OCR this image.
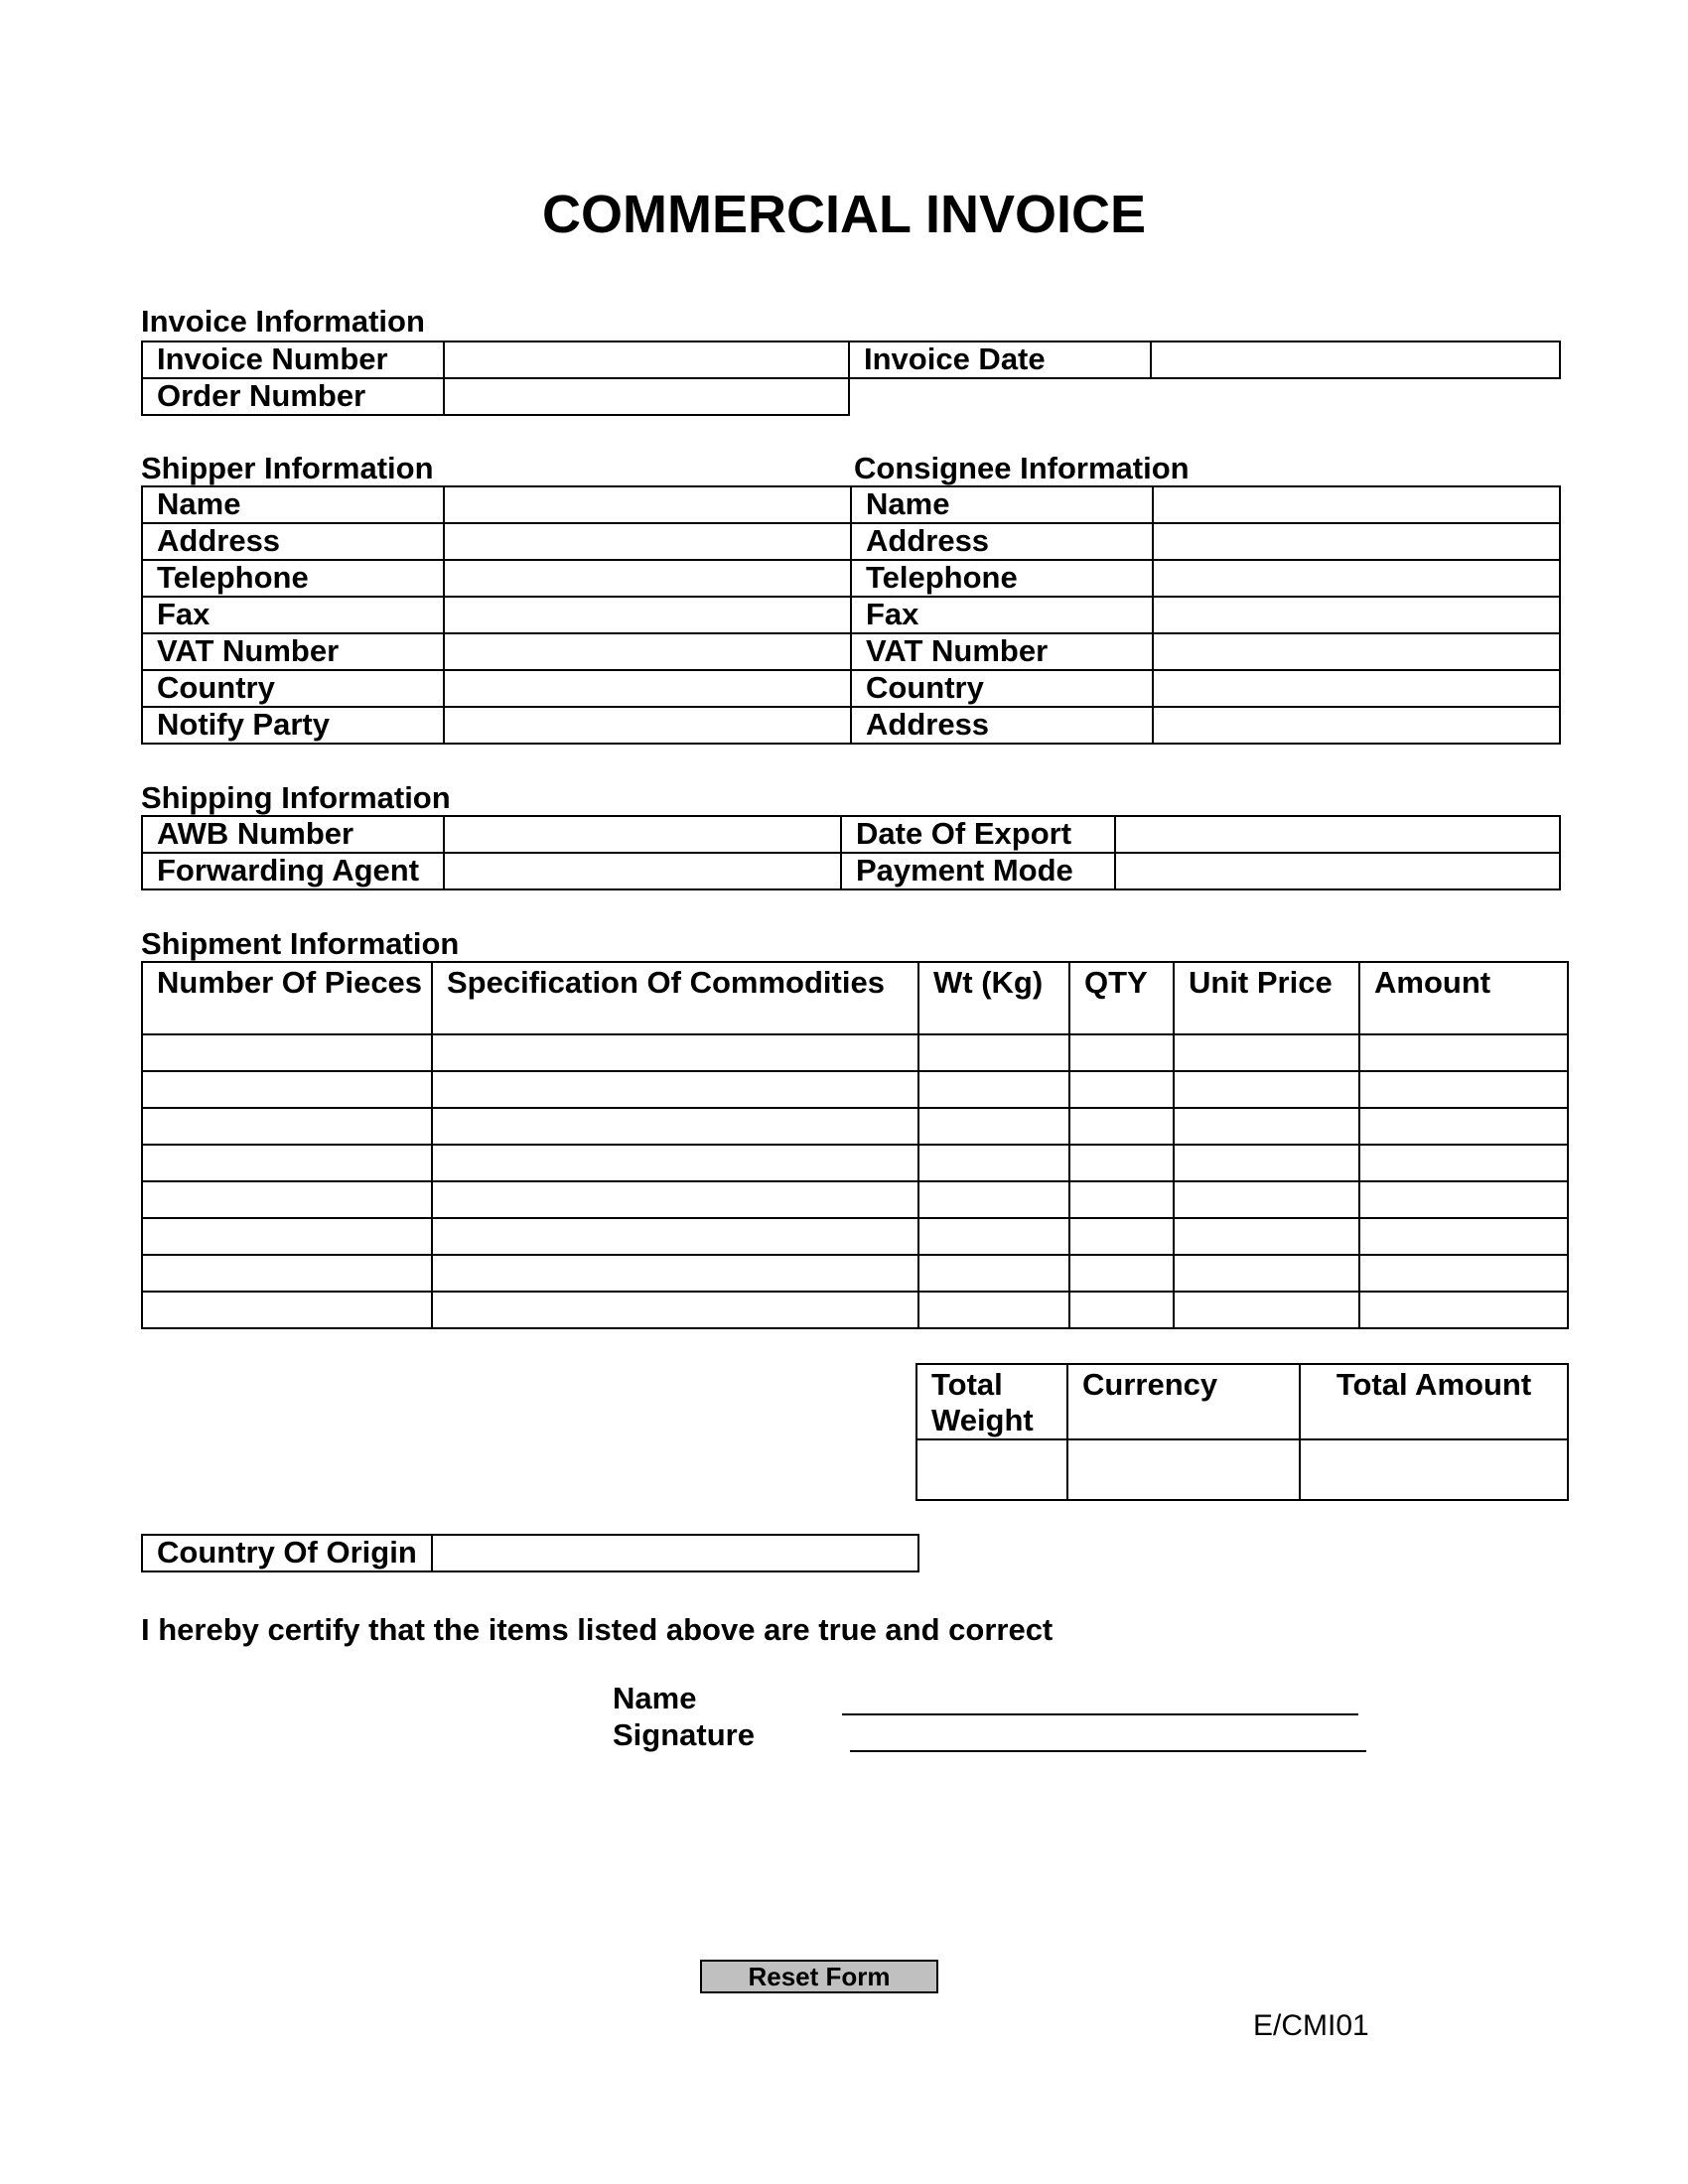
COMMERCIAL INVOICE
Invoice Information
Invoice Number		Invoice Date	
Order Number	
Shipper Information	Consignee Information
Name		Name	

Address		Address	

Telephone		Telephone	

Fax		Fax	

VAT Number		VAT Number	

Country		Country	

Notify Party		Address	
Shipping Information
AWB Number		Date Of Export	

Forwarding Agent		Payment Mode	
Shipment Information
Number Of Pieces	Specification Of Commodities	Wt (Kg)	QTY	Unit Price	Amount

Total Weight	Currency	Total Amount

Country Of Origin	
I hereby certify that the items listed above are true and correct
Name
Signature
Reset Form
E/CMI01
